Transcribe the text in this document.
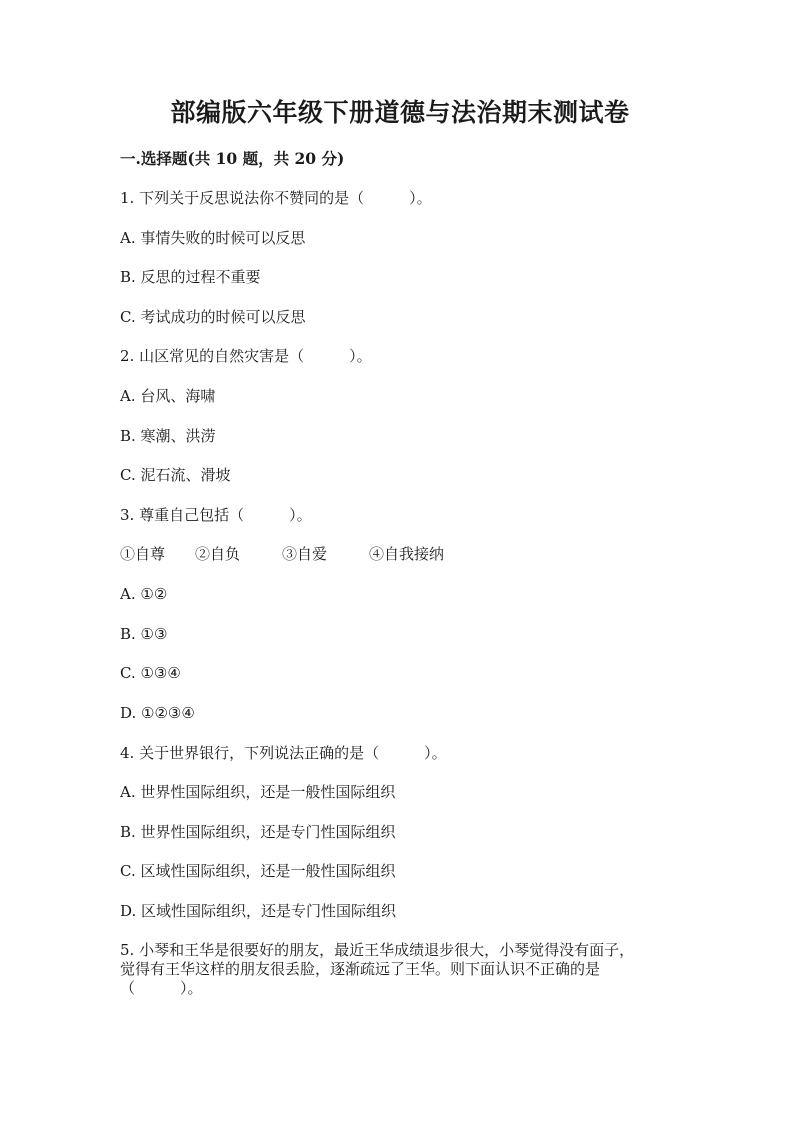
部编版六年级下册道德与法治期末测试卷
一.选择题(共 10 题，共 20 分)
1. 下列关于反思说法你不赞同的是（　　　）。
A. 事情失败的时候可以反思
B. 反思的过程不重要
C. 考试成功的时候可以反思
2. 山区常见的自然灾害是（　　　）。
A. 台风、海啸
B. 寒潮、洪涝
C. 泥石流、滑坡
3. 尊重自己包括（　　　）。
①自尊 ②自负	③自爱	④自我接纳
A. ①②
B. ①③
C. ①③④
D. ①②③④
4. 关于世界银行，下列说法正确的是（　　　）。
A. 世界性国际组织，还是一般性国际组织
B. 世界性国际组织，还是专门性国际组织
C. 区域性国际组织，还是一般性国际组织
D. 区域性国际组织，还是专门性国际组织
5. 小琴和王华是很要好的朋友，最近王华成绩退步很大，小琴觉得没有面子，
觉得有王华这样的朋友很丢脸，逐渐疏远了王华。则下面认识不正确的是
（　　　）。
